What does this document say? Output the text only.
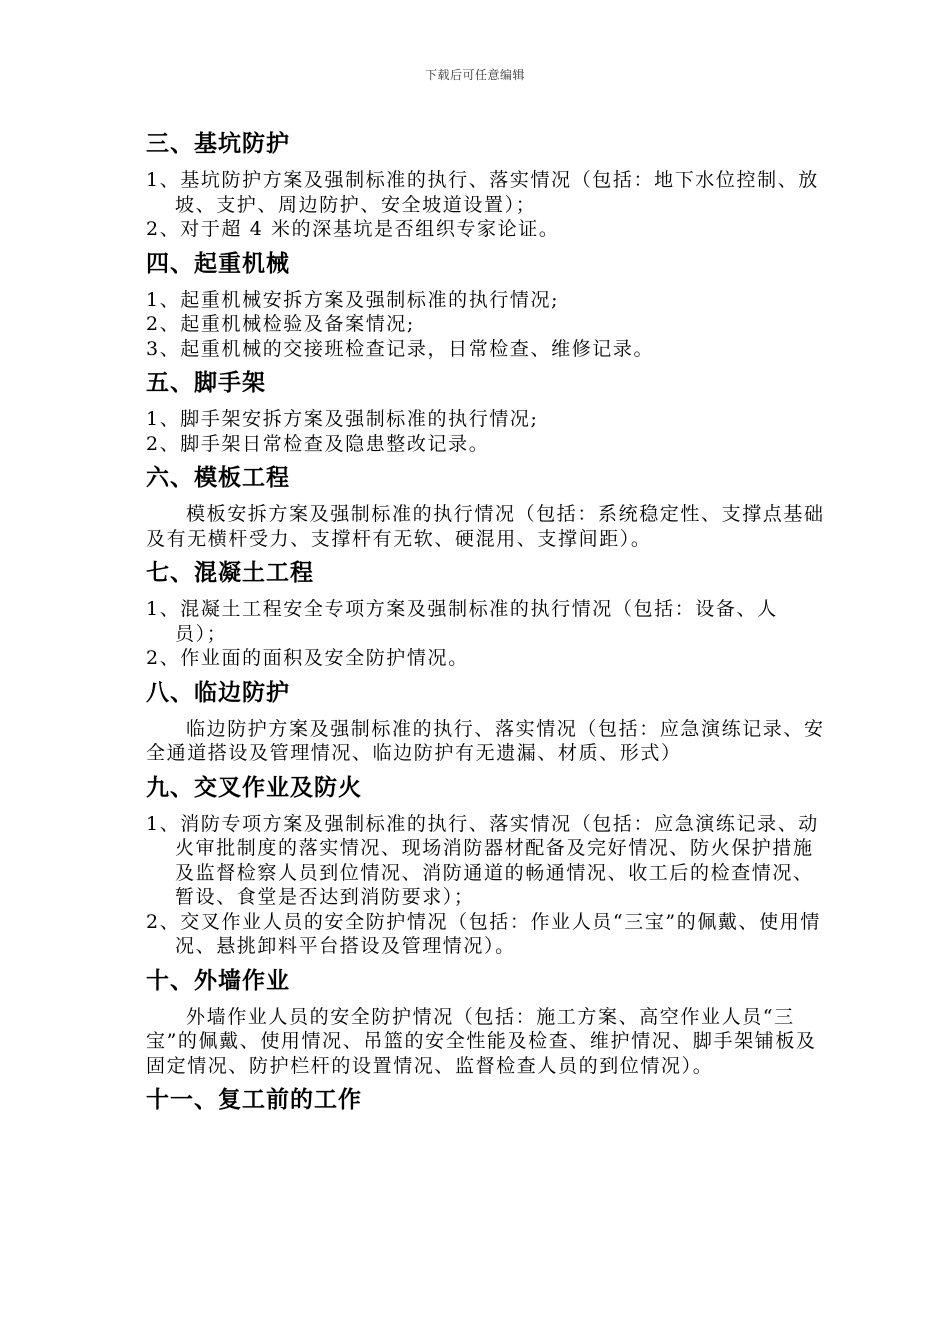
下载后可任意编辑
三、基坑防护

1、基坑防护方案及强制标准的执行、落实情况（包括：地下水位控制、放坡、支护、周边防护、安全坡道设置）；

2、对于超 4 米的深基坑是否组织专家论证。

四、起重机械

1、起重机械安拆方案及强制标准的执行情况;

2、起重机械检验及备案情况;

3、起重机械的交接班检查记录，日常检查、维修记录。

五、脚手架

1、脚手架安拆方案及强制标准的执行情况;

2、脚手架日常检查及隐患整改记录。

六、模板工程

模板安拆方案及强制标准的执行情况（包括：系统稳定性、支撑点基础及有无横杆受力、支撑杆有无软、硬混用、支撑间距）。

七、混凝土工程

1、混凝土工程安全专项方案及强制标准的执行情况（包括：设备、人员）；

2、作业面的面积及安全防护情况。

八、临边防护

临边防护方案及强制标准的执行、落实情况（包括：应急演练记录、安全通道搭设及管理情况、临边防护有无遗漏、材质、形式）

九、交叉作业及防火

1、消防专项方案及强制标准的执行、落实情况（包括：应急演练记录、动火审批制度的落实情况、现场消防器材配备及完好情况、防火保护措施及监督检察人员到位情况、消防通道的畅通情况、收工后的检查情况、暂设、食堂是否达到消防要求）；

2、交叉作业人员的安全防护情况（包括：作业人员“三宝”的佩戴、使用情况、悬挑卸料平台搭设及管理情况）。

十、外墙作业

外墙作业人员的安全防护情况（包括：施工方案、高空作业人员“三宝”的佩戴、使用情况、吊篮的安全性能及检查、维护情况、脚手架铺板及固定情况、防护栏杆的设置情况、监督检查人员的到位情况）。

十一、复工前的工作
